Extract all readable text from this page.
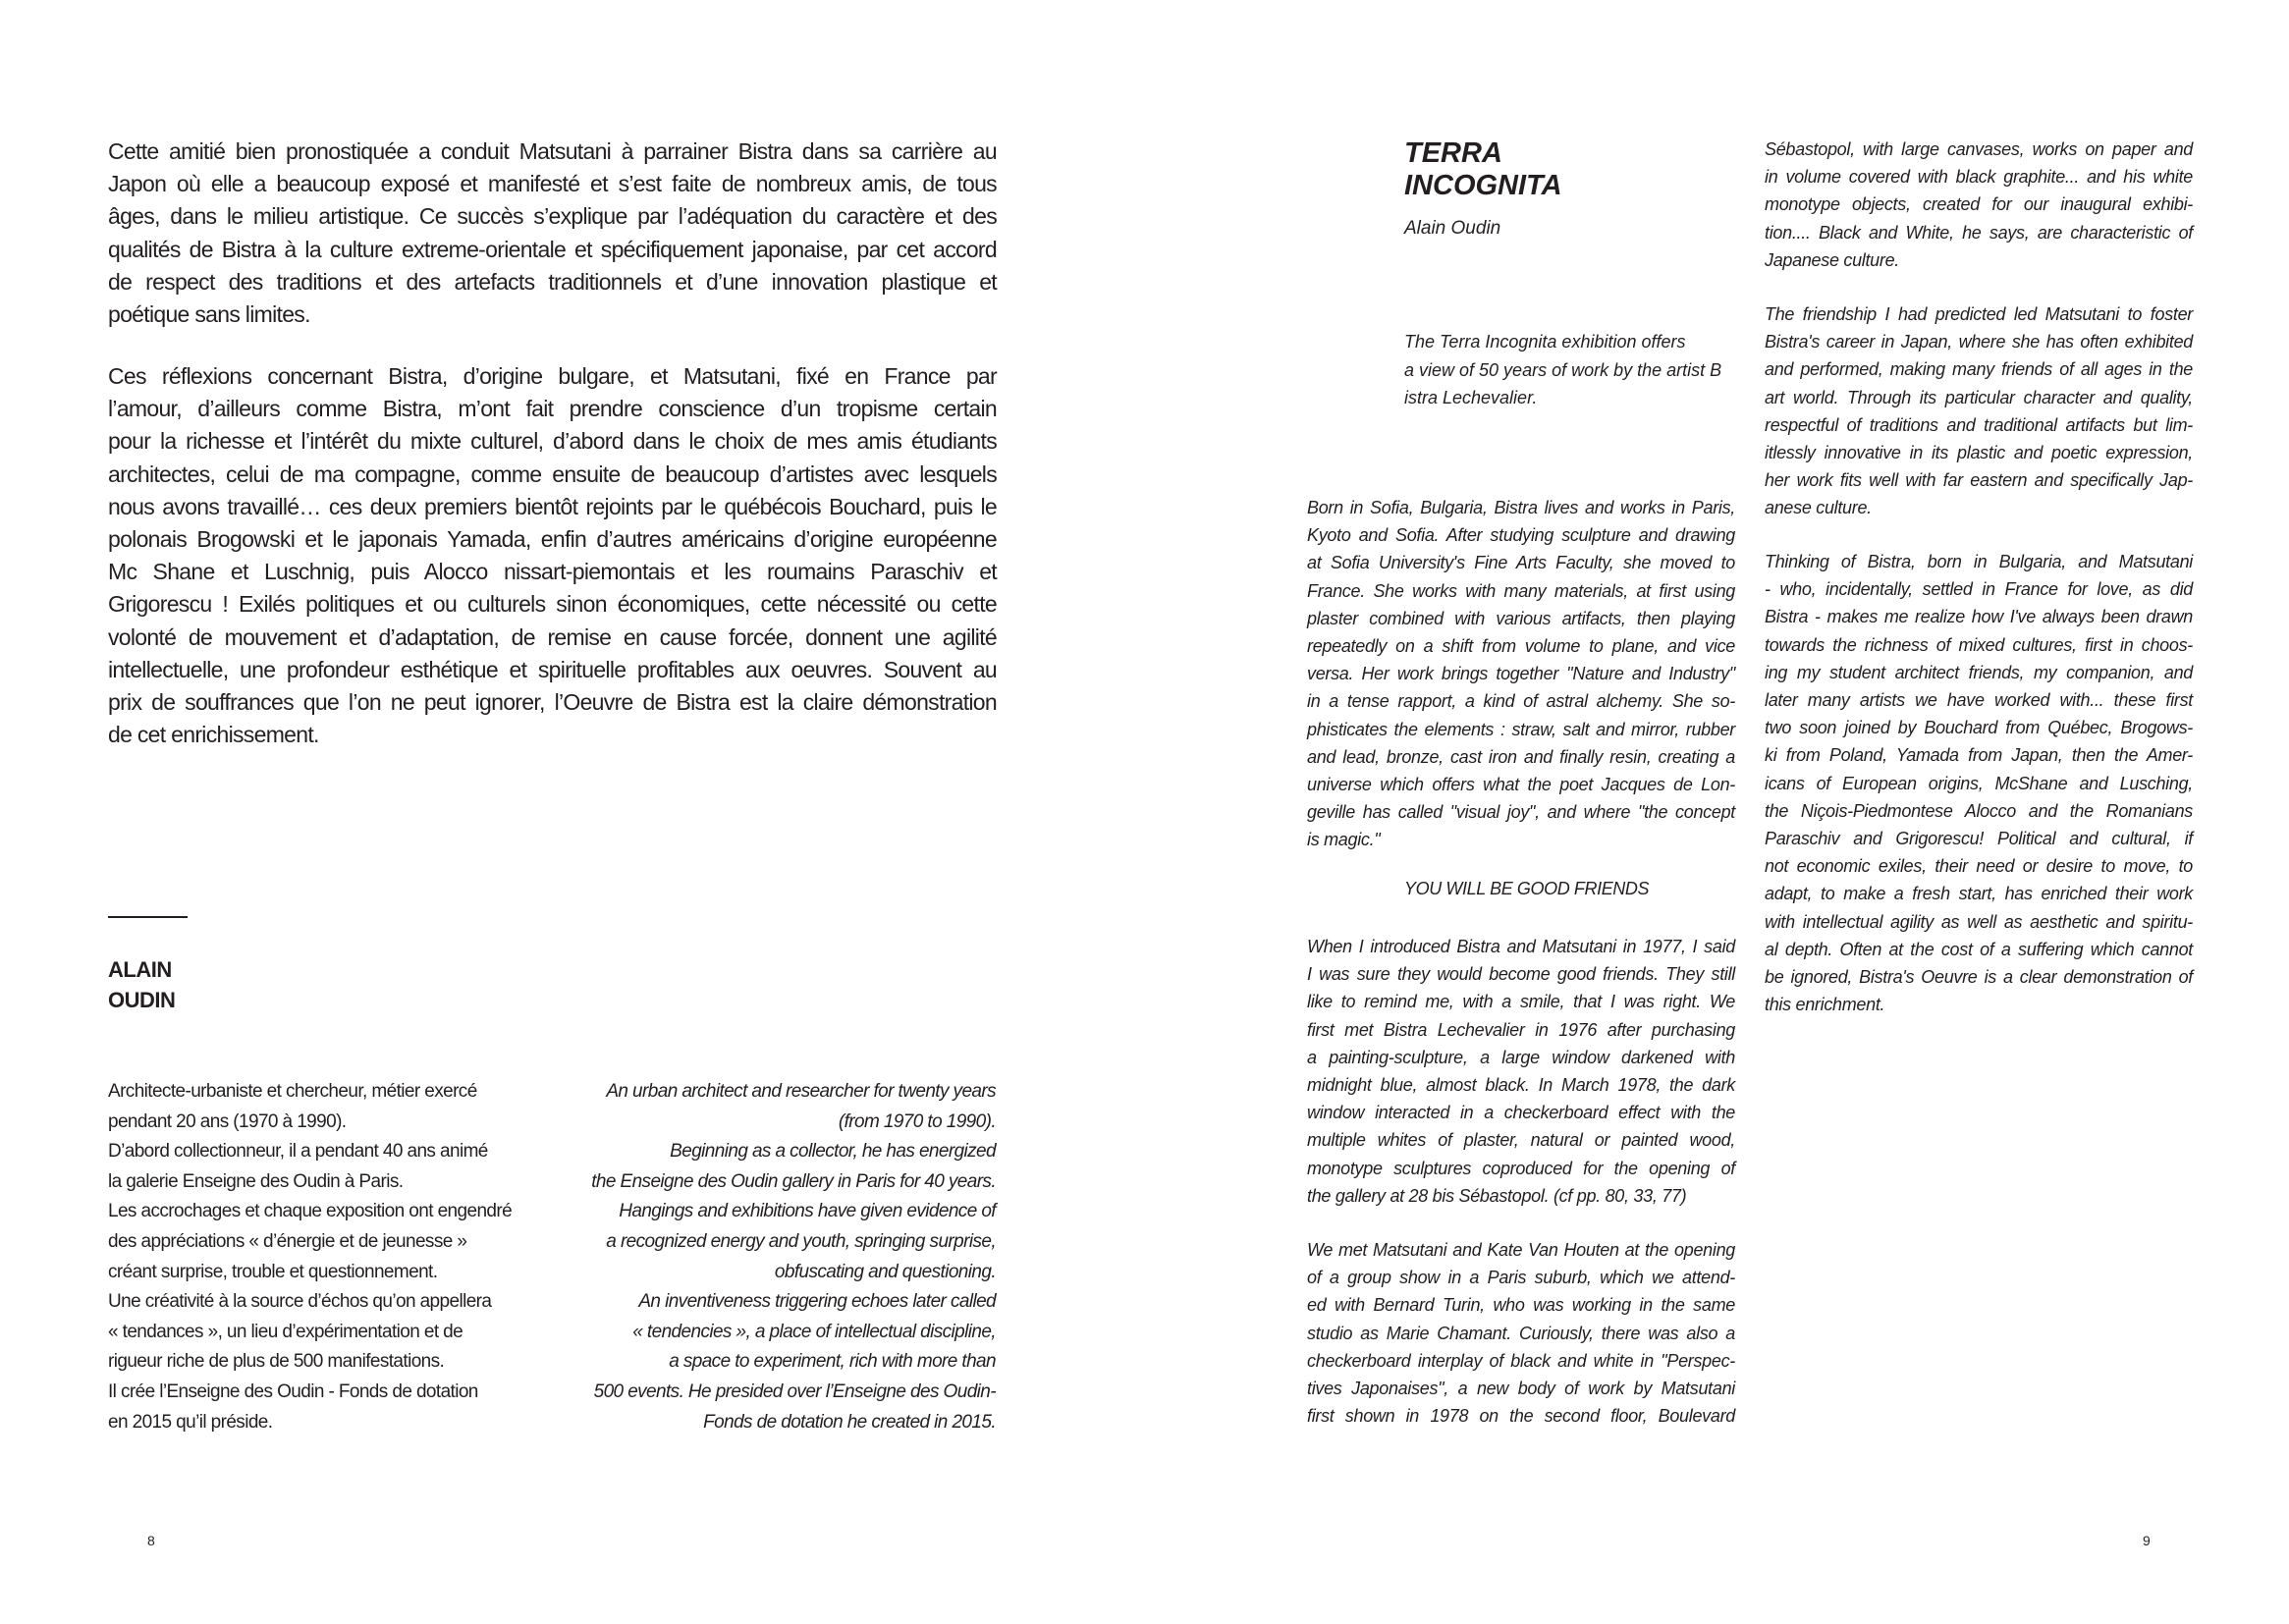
Cette amitié bien pronostiquée a conduit Matsutani à parrainer Bistra dans sa carrière au
Japon où elle a beaucoup exposé et manifesté et s’est faite de nombreux amis, de tous
âges, dans le milieu artistique. Ce succès s’explique par l’adéquation du caractère et des
qualités de Bistra à la culture extreme-orientale et spécifiquement japonaise, par cet accord
de respect des traditions et des artefacts traditionnels et d’une innovation plastique et
poétique sans limites.
Ces réflexions concernant Bistra, d’origine bulgare, et Matsutani, fixé en France par
l’amour, d’ailleurs comme Bistra, m’ont fait prendre conscience d’un tropisme certain
pour la richesse et l’intérêt du mixte culturel, d’abord dans le choix de mes amis étudiants
architectes, celui de ma compagne, comme ensuite de beaucoup d’artistes avec lesquels
nous avons travaillé… ces deux premiers bientôt rejoints par le québécois Bouchard, puis le
polonais Brogowski et le japonais Yamada, enfin d’autres américains d’origine européenne
Mc Shane et Luschnig, puis Alocco nissart-piemontais et les roumains Paraschiv et
Grigorescu ! Exilés politiques et ou culturels sinon économiques, cette nécessité ou cette
volonté de mouvement et d’adaptation, de remise en cause forcée, donnent une agilité
intellectuelle, une profondeur esthétique et spirituelle profitables aux oeuvres. Souvent au
prix de souffrances que l’on ne peut ignorer, l’Oeuvre de Bistra est la claire démonstration
de cet enrichissement.
ALAIN
OUDIN
Architecte-urbaniste et chercheur, métier exercé
pendant 20 ans (1970 à 1990).
D’abord collectionneur, il a pendant 40 ans animé
la galerie Enseigne des Oudin à Paris.
Les accrochages et chaque exposition ont engendré
des appréciations « d’énergie et de jeunesse »
créant surprise, trouble et questionnement.
Une créativité à la source d’échos qu’on appellera
« tendances », un lieu d’expérimentation et de
rigueur riche de plus de 500 manifestations.
Il crée l’Enseigne des Oudin - Fonds de dotation
en 2015 qu’il préside.
An urban architect and researcher for twenty years
(from 1970 to 1990).
Beginning as a collector, he has energized
the Enseigne des Oudin gallery in Paris for 40 years.
Hangings and exhibitions have given evidence of
a recognized energy and youth, springing surprise,
obfuscating and questioning.
An inventiveness triggering echoes later called
« tendencies », a place of intellectual discipline,
a space to experiment, rich with more than
500 events. He presided over l’Enseigne des Oudin-
Fonds de dotation he created in 2015.
8
TERRA
INCOGNITA
Alain Oudin
The Terra Incognita exhibition offers
a view of 50 years of work by the artist B
istra Lechevalier.
Born in Sofia, Bulgaria, Bistra lives and works in Paris,
Kyoto and Sofia. After studying sculpture and drawing
at Sofia University's Fine Arts Faculty, she moved to
France. She works with many materials, at first using
plaster combined with various artifacts, then playing
repeatedly on a shift from volume to plane, and vice
versa. Her work brings together "Nature and Industry"
in a tense rapport, a kind of astral alchemy. She so-
phisticates the elements : straw, salt and mirror, rubber
and lead, bronze, cast iron and finally resin, creating a
universe which offers what the poet Jacques de Lon-
geville has called "visual joy", and where "the concept
is magic."
YOU WILL BE GOOD FRIENDS
When I introduced Bistra and Matsutani in 1977, I said
I was sure they would become good friends. They still
like to remind me, with a smile, that I was right. We
first met Bistra Lechevalier in 1976 after purchasing
a painting-sculpture, a large window darkened with
midnight blue, almost black. In March 1978, the dark
window interacted in a checkerboard effect with the
multiple whites of plaster, natural or painted wood,
monotype sculptures coproduced for the opening of
the gallery at 28 bis Sébastopol. (cf pp. 80, 33, 77)
We met Matsutani and Kate Van Houten at the opening
of a group show in a Paris suburb, which we attend-
ed with Bernard Turin, who was working in the same
studio as Marie Chamant. Curiously, there was also a
checkerboard interplay of black and white in "Perspec-
tives Japonaises", a new body of work by Matsutani
first shown in 1978 on the second floor, Boulevard
Sébastopol, with large canvases, works on paper and
in volume covered with black graphite... and his white
monotype objects, created for our inaugural exhibi-
tion.... Black and White, he says, are characteristic of
Japanese culture.
The friendship I had predicted led Matsutani to foster
Bistra's career in Japan, where she has often exhibited
and performed, making many friends of all ages in the
art world. Through its particular character and quality,
respectful of traditions and traditional artifacts but lim-
itlessly innovative in its plastic and poetic expression,
her work fits well with far eastern and specifically Jap-
anese culture.
Thinking of Bistra, born in Bulgaria, and Matsutani
- who, incidentally, settled in France for love, as did
Bistra - makes me realize how I've always been drawn
towards the richness of mixed cultures, first in choos-
ing my student architect friends, my companion, and
later many artists we have worked with... these first
two soon joined by Bouchard from Québec, Brogows-
ki from Poland, Yamada from Japan, then the Amer-
icans of European origins, McShane and Lusching,
the Niçois-Piedmontese Alocco and the Romanians
Paraschiv and Grigorescu! Political and cultural, if
not economic exiles, their need or desire to move, to
adapt, to make a fresh start, has enriched their work
with intellectual agility as well as aesthetic and spiritu-
al depth. Often at the cost of a suffering which cannot
be ignored, Bistra's Oeuvre is a clear demonstration of
this enrichment.
9
